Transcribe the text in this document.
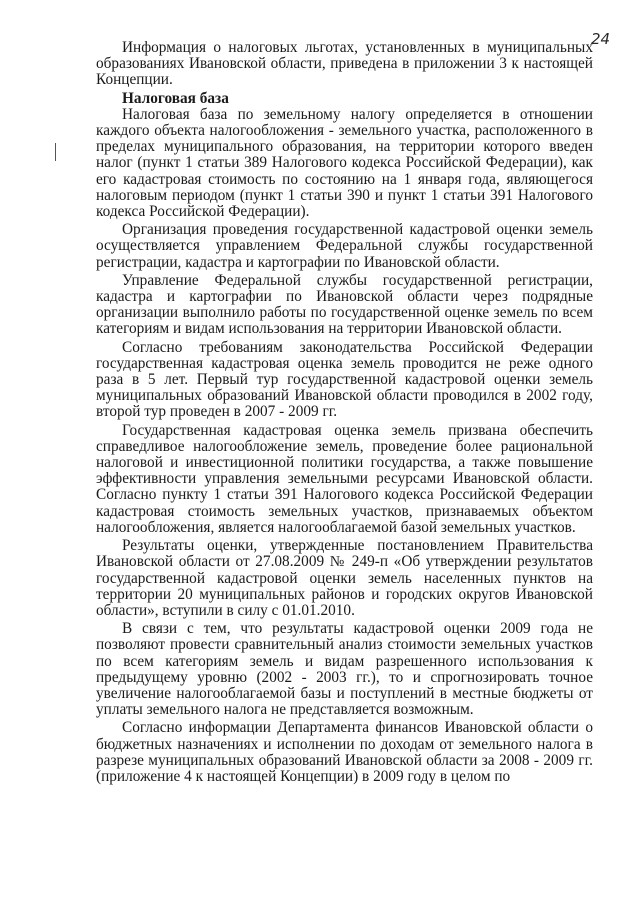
24

Информация о налоговых льготах, установленных в муниципальных образованиях Ивановской области, приведена в приложении 3 к настоящей Концепции.

Налоговая база

Налоговая база по земельному налогу определяется в отношении каждого объекта налогообложения - земельного участка, расположенного в пределах муниципального образования, на территории которого введен налог (пункт 1 статьи 389 Налогового кодекса Российской Федерации), как его кадастровая стоимость по состоянию на 1 января года, являющегося налоговым периодом (пункт 1 статьи 390 и пункт 1 статьи 391 Налогового кодекса Российской Федерации).

Организация проведения государственной кадастровой оценки земель осуществляется управлением Федеральной службы государственной регистрации, кадастра и картографии по Ивановской области.

Управление Федеральной службы государственной регистрации, кадастра и картографии по Ивановской области через подрядные организации выполнило работы по государственной оценке земель по всем категориям и видам использования на территории Ивановской области.

Согласно требованиям законодательства Российской Федерации государственная кадастровая оценка земель проводится не реже одного раза в 5 лет. Первый тур государственной кадастровой оценки земель муниципальных образований Ивановской области проводился в 2002 году, второй тур проведен в 2007 - 2009 гг.

Государственная кадастровая оценка земель призвана обеспечить справедливое налогообложение земель, проведение более рациональной налоговой и инвестиционной политики государства, а также повышение эффективности управления земельными ресурсами Ивановской области. Согласно пункту 1 статьи 391 Налогового кодекса Российской Федерации кадастровая стоимость земельных участков, признаваемых объектом налогообложения, является налогооблагаемой базой земельных участков.

Результаты оценки, утвержденные постановлением Правительства Ивановской области от 27.08.2009 № 249-п «Об утверждении результатов государственной кадастровой оценки земель населенных пунктов на территории 20 муниципальных районов и городских округов Ивановской области», вступили в силу с 01.01.2010.

В связи с тем, что результаты кадастровой оценки 2009 года не позволяют провести сравнительный анализ стоимости земельных участков по всем категориям земель и видам разрешенного использования к предыдущему уровню (2002 - 2003 гг.), то и спрогнозировать точное увеличение налогооблагаемой базы и поступлений в местные бюджеты от уплаты земельного налога не представляется возможным.

Согласно информации Департамента финансов Ивановской области о бюджетных назначениях и исполнении по доходам от земельного налога в разрезе муниципальных образований Ивановской области за 2008 - 2009 гг. (приложение 4 к настоящей Концепции) в 2009 году в целом по
